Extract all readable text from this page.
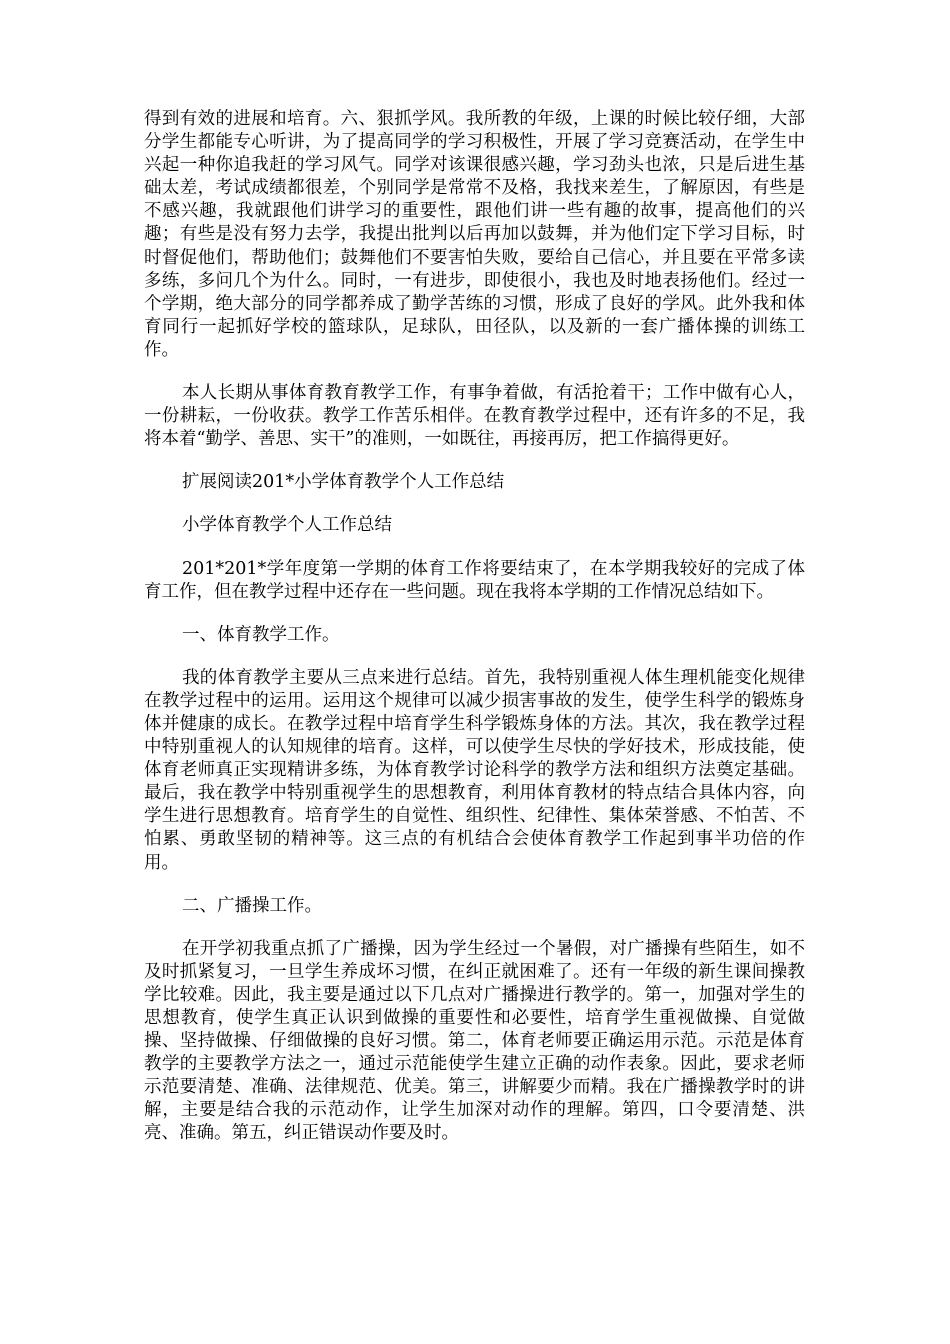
得到有效的进展和培育。六、狠抓学风。我所教的年级，上课的时候比较仔细，大部分学生都能专心听讲，为了提高同学的学习积极性，开展了学习竞赛活动，在学生中兴起一种你追我赶的学习风气。同学对该课很感兴趣，学习劲头也浓，只是后进生基础太差，考试成绩都很差，个别同学是常常不及格，我找来差生，了解原因，有些是不感兴趣，我就跟他们讲学习的重要性，跟他们讲一些有趣的故事，提高他们的兴趣；有些是没有努力去学，我提出批判以后再加以鼓舞，并为他们定下学习目标，时时督促他们，帮助他们；鼓舞他们不要害怕失败，要给自己信心，并且要在平常多读多练，多问几个为什么。同时，一有进步，即使很小，我也及时地表扬他们。经过一个学期，绝大部分的同学都养成了勤学苦练的习惯，形成了良好的学风。此外我和体育同行一起抓好学校的篮球队，足球队，田径队，以及新的一套广播体操的训练工作。

本人长期从事体育教育教学工作，有事争着做，有活抢着干；工作中做有心人，一份耕耘，一份收获。教学工作苦乐相伴。在教育教学过程中，还有许多的不足，我将本着“勤学、善思、实干”的准则，一如既往，再接再厉，把工作搞得更好。

扩展阅读201*小学体育教学个人工作总结

小学体育教学个人工作总结

201*201*学年度第一学期的体育工作将要结束了，在本学期我较好的完成了体育工作，但在教学过程中还存在一些问题。现在我将本学期的工作情况总结如下。

一、体育教学工作。

我的体育教学主要从三点来进行总结。首先，我特别重视人体生理机能变化规律在教学过程中的运用。运用这个规律可以减少损害事故的发生，使学生科学的锻炼身体并健康的成长。在教学过程中培育学生科学锻炼身体的方法。其次，我在教学过程中特别重视人的认知规律的培育。这样，可以使学生尽快的学好技术，形成技能，使体育老师真正实现精讲多练，为体育教学讨论科学的教学方法和组织方法奠定基础。最后，我在教学中特别重视学生的思想教育，利用体育教材的特点结合具体内容，向学生进行思想教育。培育学生的自觉性、组织性、纪律性、集体荣誉感、不怕苦、不怕累、勇敢坚韧的精神等。这三点的有机结合会使体育教学工作起到事半功倍的作用。

二、广播操工作。

在开学初我重点抓了广播操，因为学生经过一个暑假，对广播操有些陌生，如不及时抓紧复习，一旦学生养成坏习惯，在纠正就困难了。还有一年级的新生课间操教学比较难。因此，我主要是通过以下几点对广播操进行教学的。第一，加强对学生的思想教育，使学生真正认识到做操的重要性和必要性，培育学生重视做操、自觉做操、坚持做操、仔细做操的良好习惯。第二，体育老师要正确运用示范。示范是体育教学的主要教学方法之一，通过示范能使学生建立正确的动作表象。因此，要求老师示范要清楚、准确、法律规范、优美。第三，讲解要少而精。我在广播操教学时的讲解，主要是结合我的示范动作，让学生加深对动作的理解。第四，口令要清楚、洪亮、准确。第五，纠正错误动作要及时。
